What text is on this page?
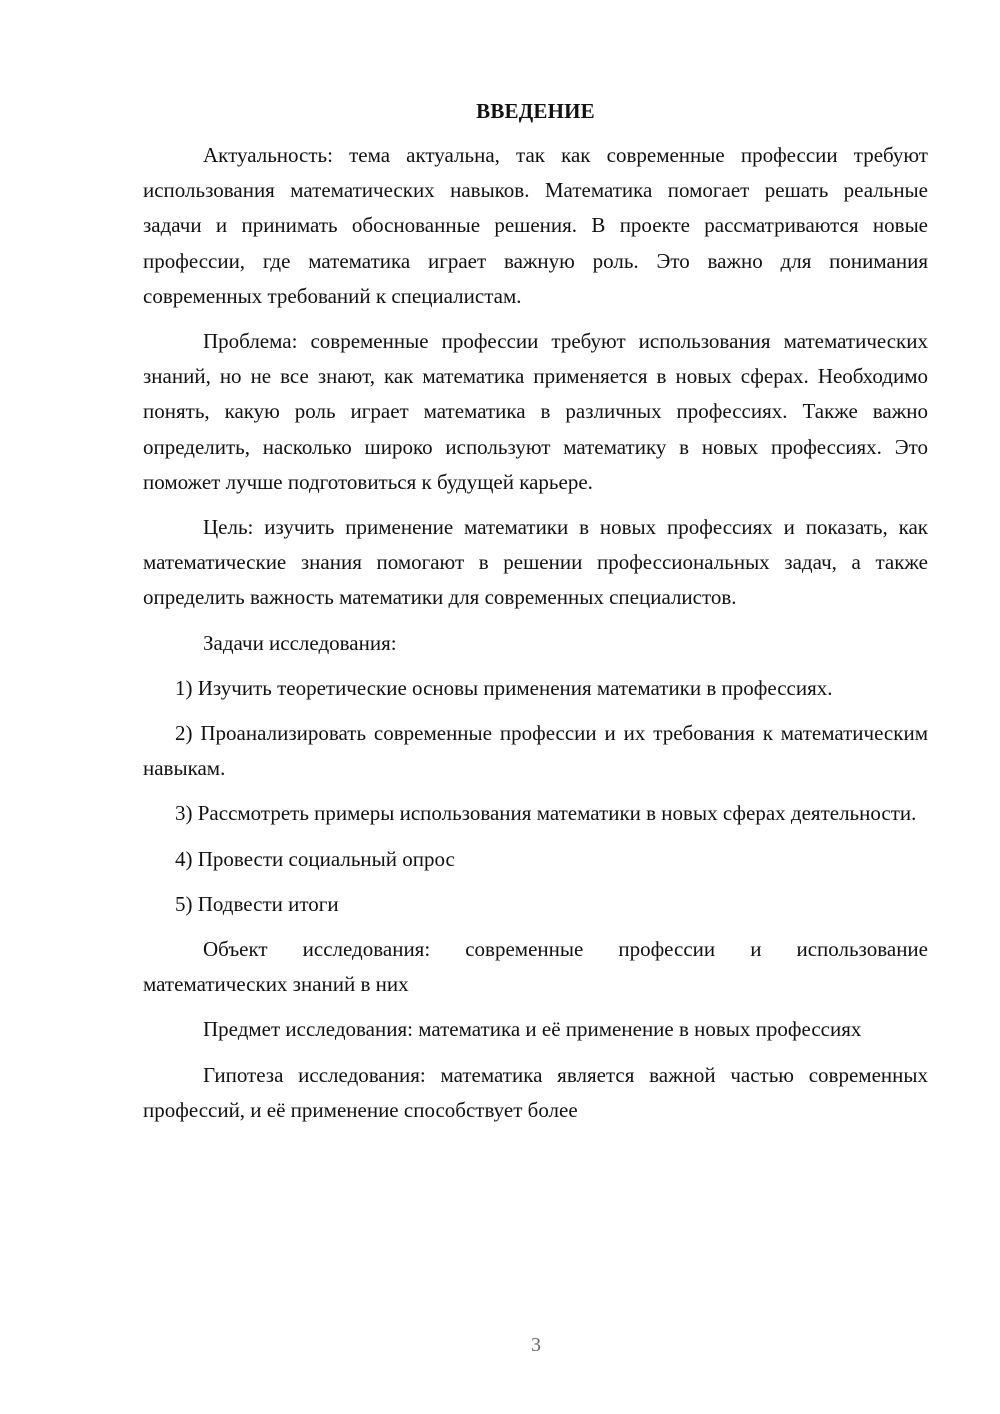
ВВЕДЕНИЕ

Актуальность: тема актуальна, так как современные профессии требуют использования математических навыков. Математика помогает решать реальные задачи и принимать обоснованные решения. В проекте рассматриваются новые профессии, где математика играет важную роль. Это важно для понимания современных требований к специалистам.

Проблема: современные профессии требуют использования математических знаний, но не все знают, как математика применяется в новых сферах. Необходимо понять, какую роль играет математика в различных профессиях. Также важно определить, насколько широко используют математику в новых профессиях. Это поможет лучше подготовиться к будущей карьере.

Цель: изучить применение математики в новых профессиях и показать, как математические знания помогают в решении профессиональных задач, а также определить важность математики для современных специалистов.

Задачи исследования:

1) Изучить теоретические основы применения математики в профессиях.

2) Проанализировать современные профессии и их требования к математическим навыкам.

3) Рассмотреть примеры использования математики в новых сферах деятельности.

4) Провести социальный опрос

5) Подвести итоги

Объект исследования: современные профессии и использование математических знаний в них

Предмет исследования: математика и её применение в новых профессиях

Гипотеза исследования: математика является важной частью современных профессий, и её применение способствует более

3
